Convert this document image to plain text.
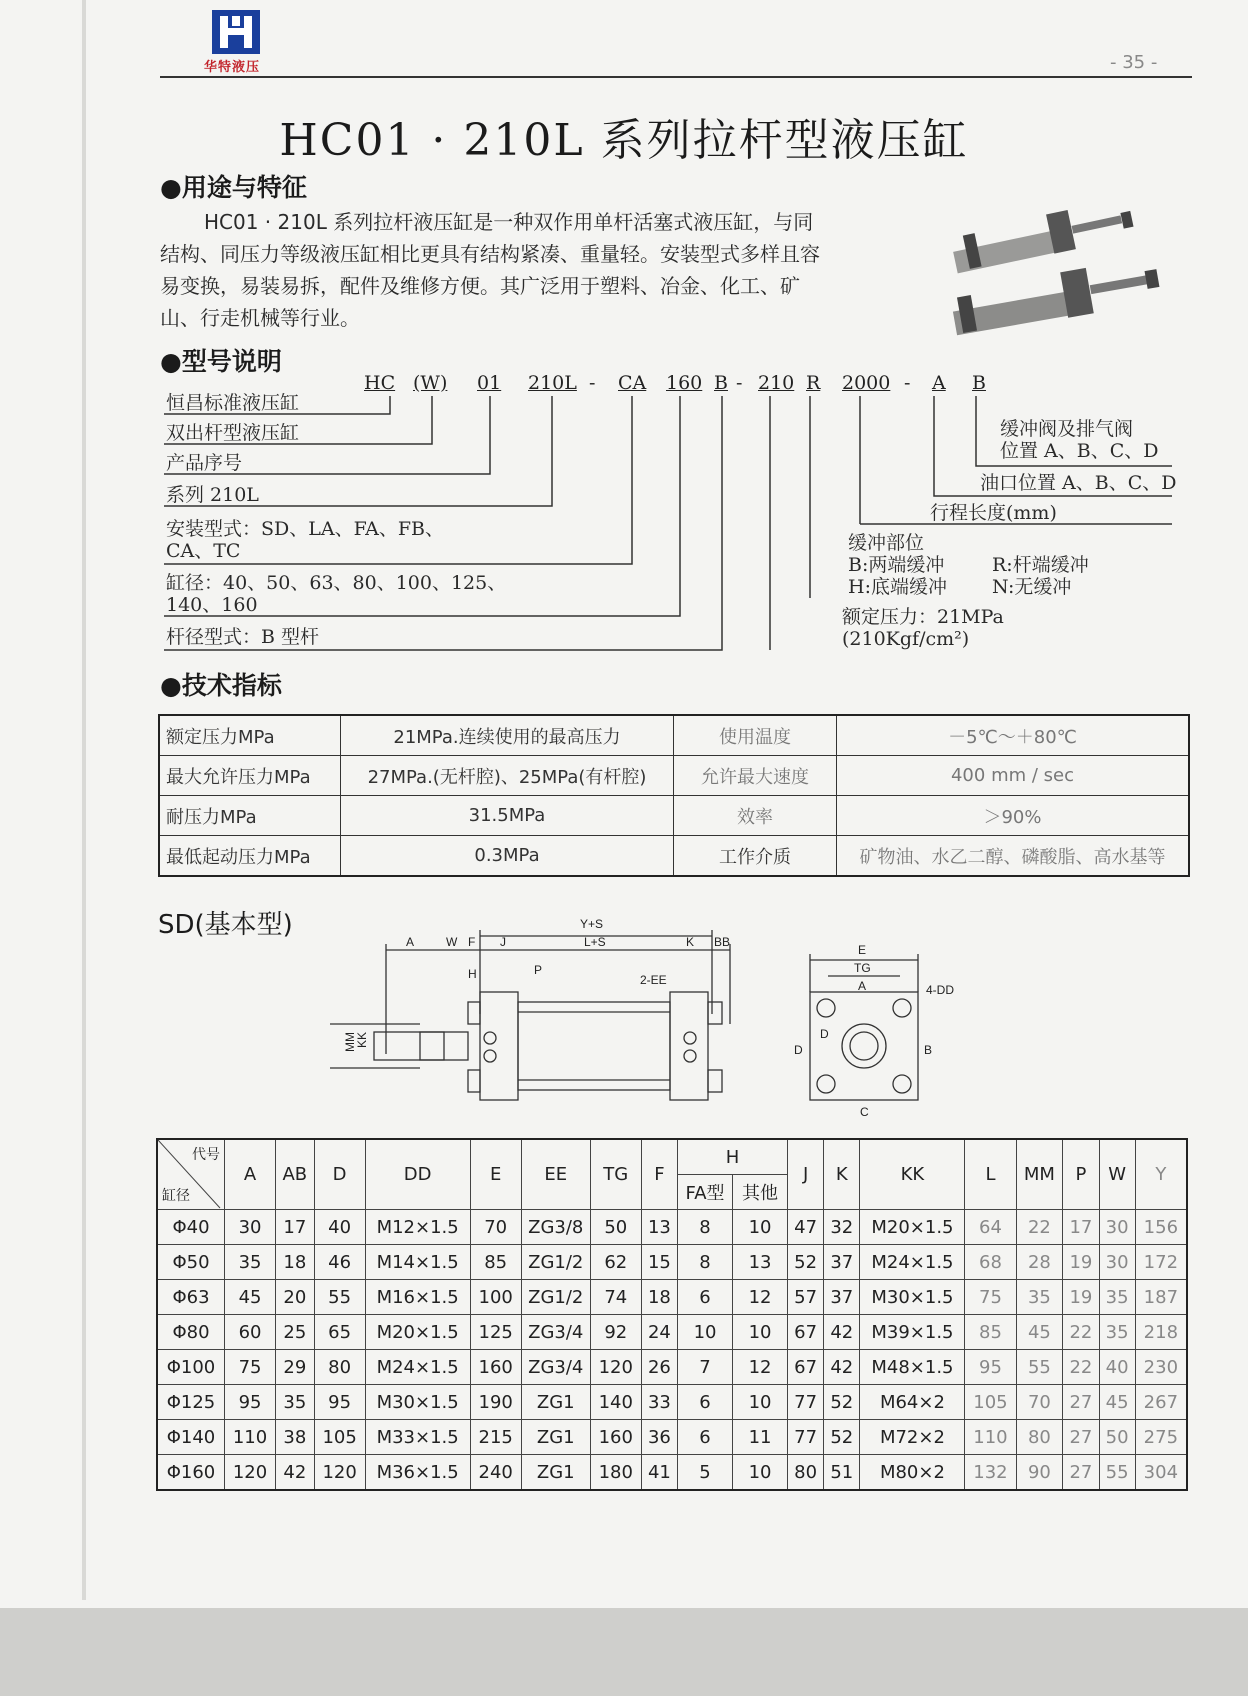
华特液压	- 35 -
HC01 · 210L 系列拉杆型液压缸
●用途与特征
HC01 · 210L 系列拉杆液压缸是一种双作用单杆活塞式液压缸，与同结构、同压力等级液压缸相比更具有结构紧凑、重量轻。安装型式多样且容易变换，易装易拆，配件及维修方便。其广泛用于塑料、冶金、化工、矿山、行走机械等行业。
●型号说明
HC (W) 01 210L - CA 160 B - 210 R 2000 - A B
恒昌标准液压缸
双出杆型液压缸
产品序号
系列 210L
安装型式：SD、LA、FA、FB、
CA、TC
缸径：40、50、63、80、100、125、
140、160
杆径型式：B 型杆
缓冲阀及排气阀
位置 A、B、C、D
油口位置 A、B、C、D
行程长度(mm)
缓冲部位
B:两端缓冲	R:杆端缓冲
H:底端缓冲 N:无缓冲
额定压力：21MPa
(210Kgf/cm²)
●技术指标
额定压力MPa	21MPa.连续使用的最高压力	使用温度	－5℃～＋80℃
最大允许压力MPa	27MPa.(无杆腔)、25MPa(有杆腔)	允许最大速度	400 mm / sec
耐压力MPa	31.5MPa	效率	＞90%
最低起动压力MPa	0.3MPa	工作介质	矿物油、水乙二醇、磷酸脂、高水基等
SD(基本型)	Y+S
L+S
A	W F J	K BB
H	P
2-EE
MM
KK
E
TG
A	4-DD
D
D
B
C
代号
缸径	A	AB	D	DD	E	EE	TG	F	H		J	K	KK	L	MM	P	W	Y
									FA型	其他								
Φ40	30	17	40	M12×1.5	70	ZG3/8	50	13	8	10	47	32	M20×1.5	64	22	17	30	156
Φ50	35	18	46	M14×1.5	85	ZG1/2	62	15	8	13	52	37	M24×1.5	68	28	19	30	172
Φ63	45	20	55	M16×1.5	100	ZG1/2	74	18	6	12	57	37	M30×1.5	75	35	19	35	187
Φ80	60	25	65	M20×1.5	125	ZG3/4	92	24	10	10	67	42	M39×1.5	85	45	22	35	218
Φ100	75	29	80	M24×1.5	160	ZG3/4	120	26	7	12	67	42	M48×1.5	95	55	22	40	230
Φ125	95	35	95	M30×1.5	190	ZG1	140	33	6	10	77	52	M64×2	105	70	27	45	267
Φ140	110	38	105	M33×1.5	215	ZG1	160	36	6	11	77	52	M72×2	110	80	27	50	275
Φ160	120	42	120	M36×1.5	240	ZG1	180	41	5	10	80	51	M80×2	132	90	27	55	304
